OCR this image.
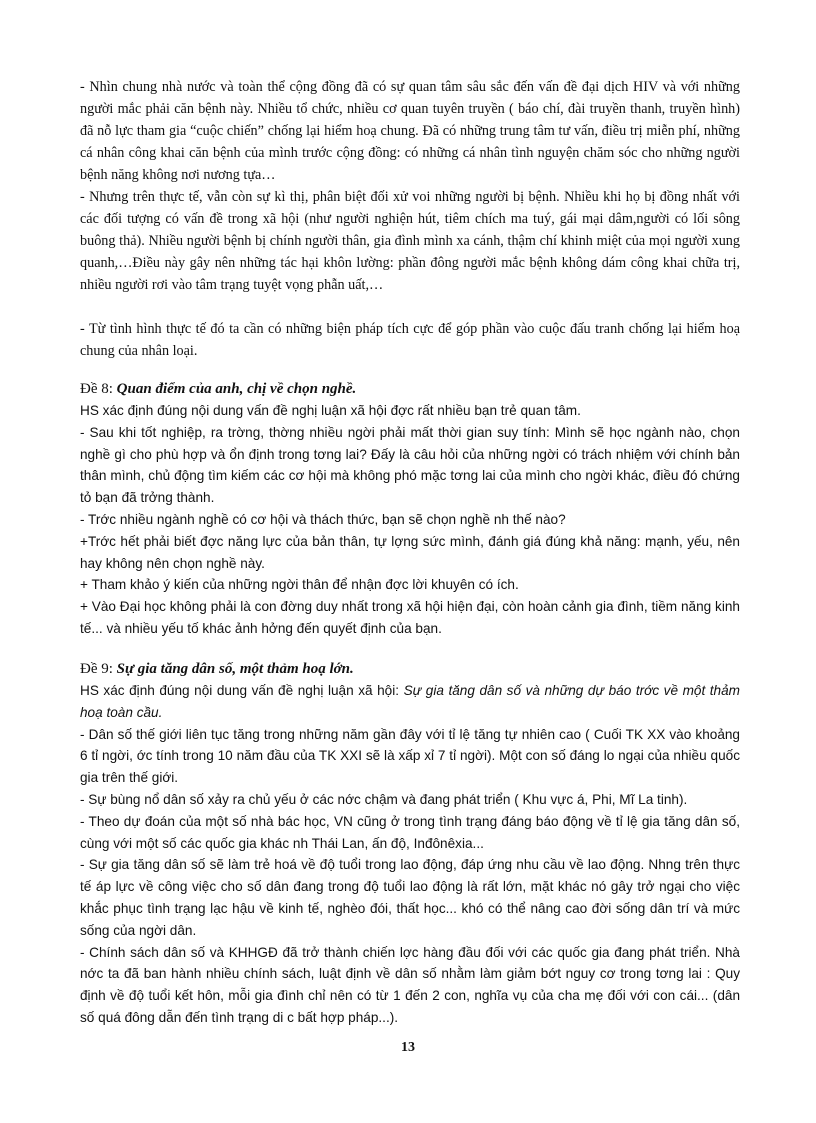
- Nhìn chung nhà nước và toàn thể cộng đồng đã có sự quan tâm sâu sắc đến vấn đề đại dịch HIV và với những người mắc phải căn bệnh này. Nhiều tổ chức, nhiều cơ quan tuyên truyền ( báo chí, đài truyền thanh, truyền hình) đã nỗ lực tham gia “cuộc chiến” chống lại hiểm hoạ chung. Đã có những trung tâm tư vấn, điều trị miễn phí, những cá nhân công khai căn bệnh của mình trước cộng đồng: có những cá nhân tình nguyện chăm sóc cho những người bệnh năng không nơi nương tựa…

- Nhưng trên thực tế, vẫn còn sự kì thị, phân biệt đối xử voi những người bị bệnh. Nhiều khi họ bị đồng nhất với các đối tượng có vấn đề trong xã hội (như người nghiện hút, tiêm chích ma tuý, gái mại dâm,người có lối sông buông thả). Nhiều người bệnh bị chính người thân, gia đình mình xa cánh, thậm chí khinh miệt của mọi người xung quanh,…Điều này gây nên những tác hại khôn lường: phần đông người mắc bệnh không dám công khai chữa trị, nhiều người rơi vào tâm trạng tuyệt vọng phẫn uất,…

- Từ tình hình thực tế đó ta cần có những biện pháp tích cực để góp phần vào cuộc đấu tranh chống lại hiểm hoạ chung của nhân loại.

Đề 8: Quan điểm của anh, chị về chọn nghề.

HS xác định đúng nội dung vấn đề nghị luận xã hội đợc rất nhiều bạn trẻ quan tâm.

- Sau khi tốt nghiệp, ra trờng, thờng nhiều ngời phải mất thời gian suy tính: Mình sẽ học ngành nào, chọn nghề gì cho phù hợp và ổn định trong tơng lai? Đấy là câu hỏi của những ngời có trách nhiệm với chính bản thân mình, chủ động tìm kiếm các cơ hội mà không phó mặc tơng lai của mình cho ngời khác, điều đó chứng tỏ bạn đã trởng thành.

- Trớc nhiều ngành nghề có cơ hội và thách thức, bạn sẽ chọn nghề nh thế nào?

+Trớc hết phải biết đợc năng lực của bản thân, tự lợng sức mình, đánh giá đúng khả năng: mạnh, yếu, nên hay không nên chọn nghề này.

+ Tham khảo ý kiến của những ngời thân để nhận đợc lời khuyên có ích.

+ Vào Đại học không phải là con đờng duy nhất trong xã hội hiện đại, còn hoàn cảnh gia đình, tiềm năng kinh tế... và nhiều yếu tố khác ảnh hởng đến quyết định của bạn.

Đề 9: Sự gia tăng dân số, một thảm hoạ lớn.

HS xác định đúng nội dung vấn đề nghị luận xã hội: Sự gia tăng dân số và những dự báo trớc về một thảm hoạ toàn cầu.

- Dân số thế giới liên tục tăng trong những năm gần đây với tỉ lệ tăng tự nhiên cao ( Cuối TK XX vào khoảng 6 tỉ ngời, ớc tính trong 10 năm đầu của TK XXI sẽ là xấp xỉ 7 tỉ ngời). Một con số đáng lo ngại của nhiều quốc gia trên thế giới.

- Sự bùng nổ dân số xảy ra chủ yếu ở các nớc chậm và đang phát triển ( Khu vực á, Phi, Mĩ La tinh).

- Theo dự đoán của một số nhà bác học, VN cũng ở trong tình trạng đáng báo động về tỉ lệ gia tăng dân số, cùng với một số các quốc gia khác nh Thái Lan, ấn độ, Inđônêxia...

- Sự gia tăng dân số sẽ làm trẻ hoá về độ tuổi trong lao động, đáp ứng nhu cầu về lao động. Nhng trên thực tế áp lực về công việc cho số dân đang trong độ tuổi lao động là rất lớn, mặt khác nó gây trở ngại cho việc khắc phục tình trạng lạc hậu về kinh tế, nghèo đói, thất học... khó có thể nâng cao đời sống dân trí và mức sống của ngời dân.

- Chính sách dân số và KHHGĐ đã trở thành chiến lợc hàng đầu đối với các quốc gia đang phát triển. Nhà nớc ta đã ban hành nhiều chính sách, luật định về dân số nhằm làm giảm bớt nguy cơ trong tơng lai : Quy định về độ tuổi kết hôn, mỗi gia đình chỉ nên có từ 1 đến 2 con, nghĩa vụ của cha mẹ đối với con cái... (dân số quá đông dẫn đến tình trạng di c bất hợp pháp...).

13
